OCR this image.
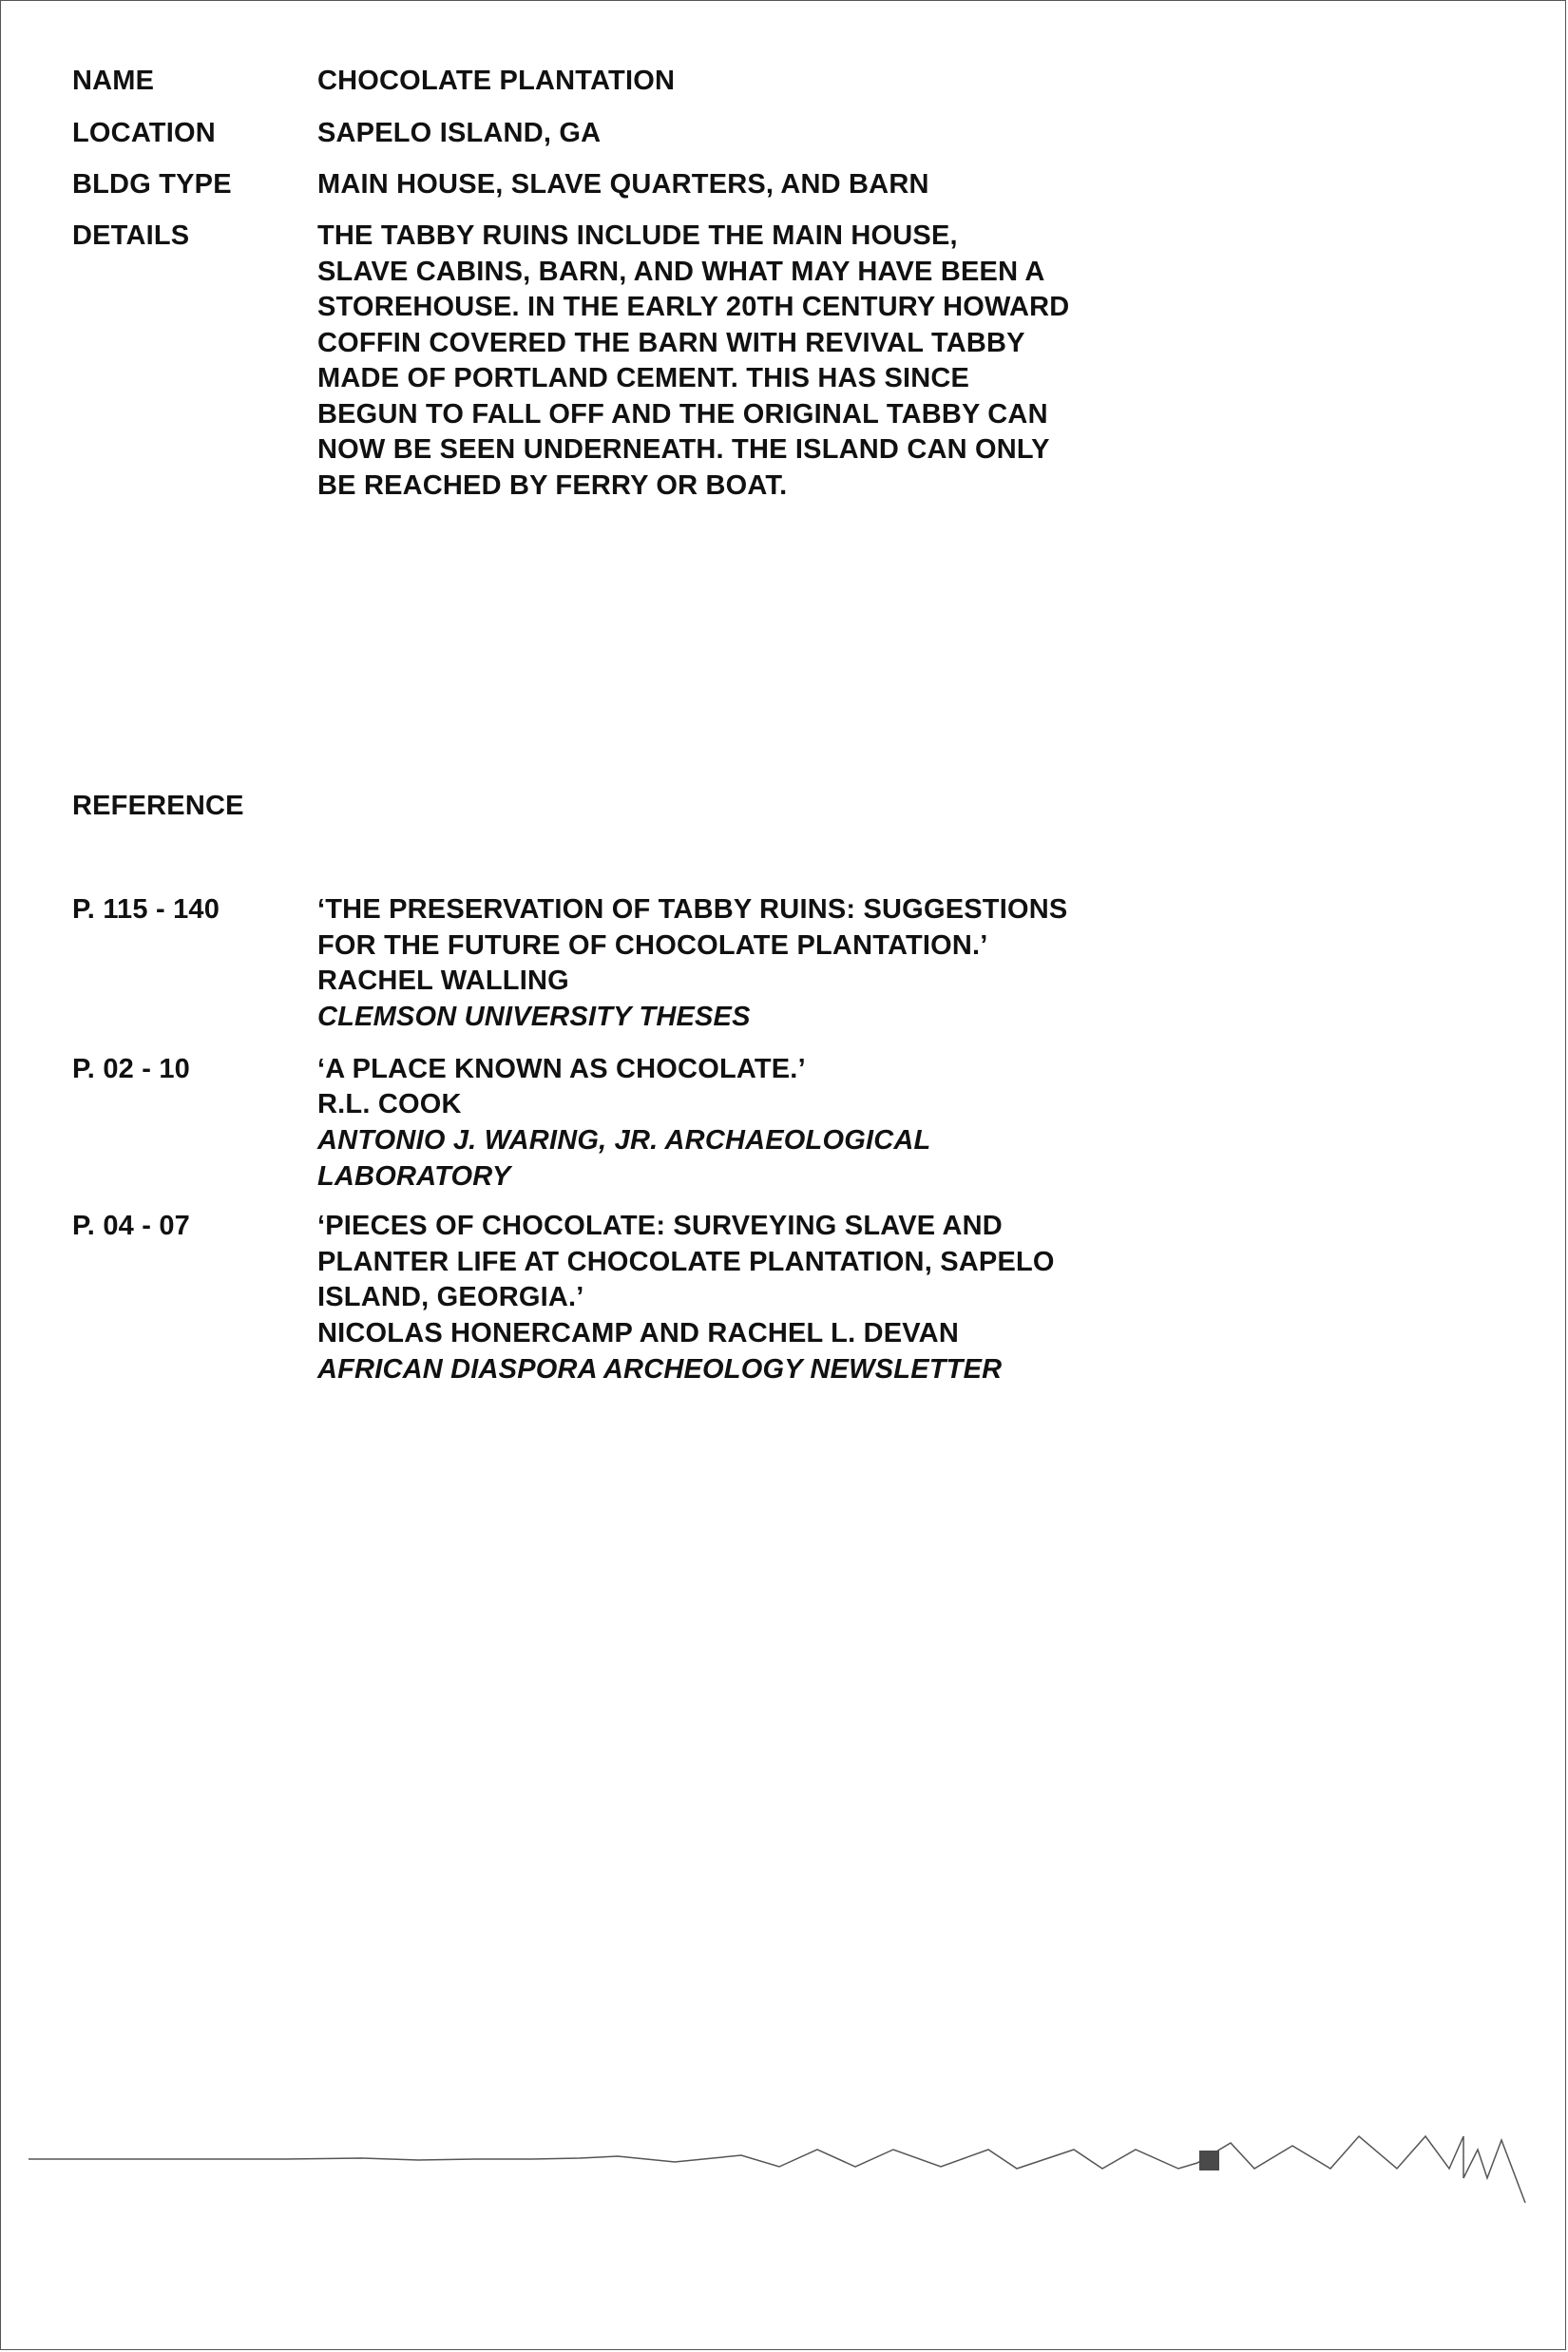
NAME	CHOCOLATE PLANTATION
LOCATION	SAPELO ISLAND, GA
BLDG TYPE	MAIN HOUSE, SLAVE QUARTERS, AND BARN
DETAILS	THE TABBY RUINS INCLUDE THE MAIN HOUSE,
SLAVE CABINS, BARN, AND WHAT MAY HAVE BEEN A
STOREHOUSE. IN THE EARLY 20TH CENTURY HOWARD
COFFIN COVERED THE BARN WITH REVIVAL TABBY
MADE OF PORTLAND CEMENT. THIS HAS SINCE
BEGUN TO FALL OFF AND THE ORIGINAL TABBY CAN
NOW BE SEEN UNDERNEATH. THE ISLAND CAN ONLY
BE REACHED BY FERRY OR BOAT.
REFERENCE
P. 115 - 140	‘THE PRESERVATION OF TABBY RUINS: SUGGESTIONS
FOR THE FUTURE OF CHOCOLATE PLANTATION.’
RACHEL WALLING
CLEMSON UNIVERSITY THESES
P. 02 - 10	‘A PLACE KNOWN AS CHOCOLATE.’
R.L. COOK
ANTONIO J. WARING, JR. ARCHAEOLOGICAL
LABORATORY
P. 04 - 07	‘PIECES OF CHOCOLATE: SURVEYING SLAVE AND
PLANTER LIFE AT CHOCOLATE PLANTATION, SAPELO
ISLAND, GEORGIA.’
NICOLAS HONERCAMP AND RACHEL L. DEVAN
AFRICAN DIASPORA ARCHEOLOGY NEWSLETTER
